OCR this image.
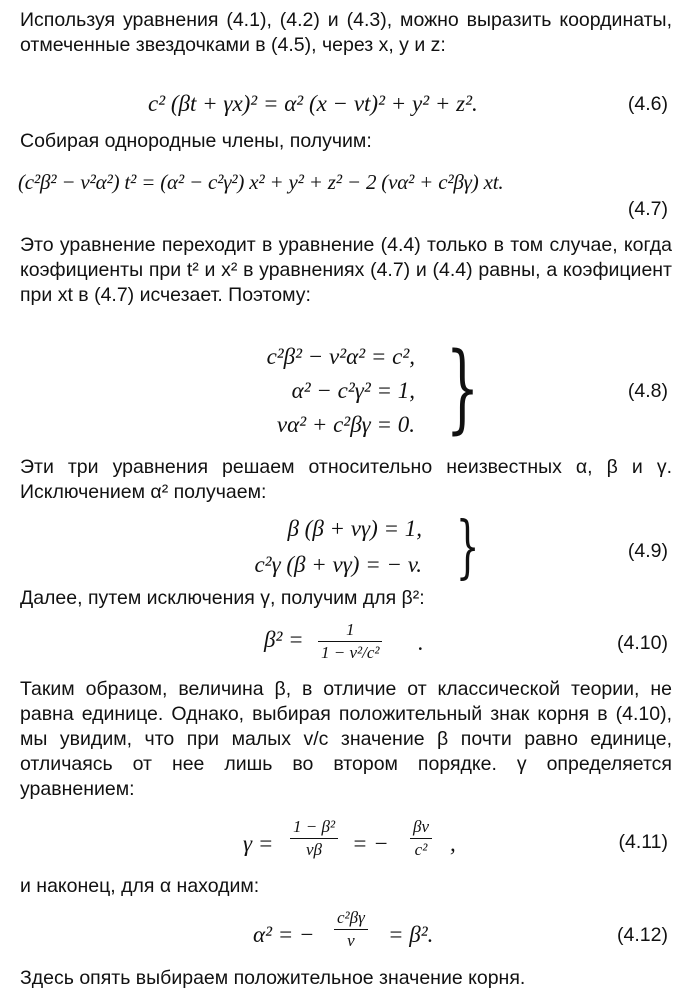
Используя уравнения (4.1), (4.2) и (4.3), можно выразить координаты, отмеченные звездочками в (4.5), через x, y и z:
c² (βt + γx)² = α² (x − vt)² + y² + z².	(4.6)
Собирая однородные члены, получим:
(c²β² − v²α²) t² = (α² − c²γ²) x² + y² + z² − 2 (vα² + c²βγ) xt.
(4.7)
Это уравнение переходит в уравнение (4.4) только в том случае, когда коэфициенты при t² и x² в уравнениях (4.7) и (4.4) равны, а коэфициент при xt в (4.7) исчезает. Поэтому:
c²β² − v²α² = c²,
α² − c²γ² = 1,
vα² + c²βγ = 0. }	(4.8)
Эти три уравнения решаем относительно неизвестных α, β и γ. Исключением α² получаем:
β (β + vγ) = 1,
c²γ (β + vγ) = − v. }	(4.9)
Далее, путем исключения γ, получим для β²:
$\beta^2 = \frac{1}{\text{1 − v²/c²}}$ .	(4.10)
Таким образом, величина β, в отличие от классической теории, не равна единице. Однако, выбирая положительный знак корня в (4.10), мы увидим, что при малых v/c значение β почти равно единице, отличаясь от нее лишь во втором порядке. γ определяется уравнением:
$\gamma = \frac{\text{1 − β²}}{v\beta}$ = − $\frac{\beta v}{\text{c²}}$ ,	(4.11)
и наконец, для α находим:
α² = − $\frac{\text{c²βγ}}{v} = \beta^2$.	(4.12)
Здесь опять выбираем положительное значение корня.
